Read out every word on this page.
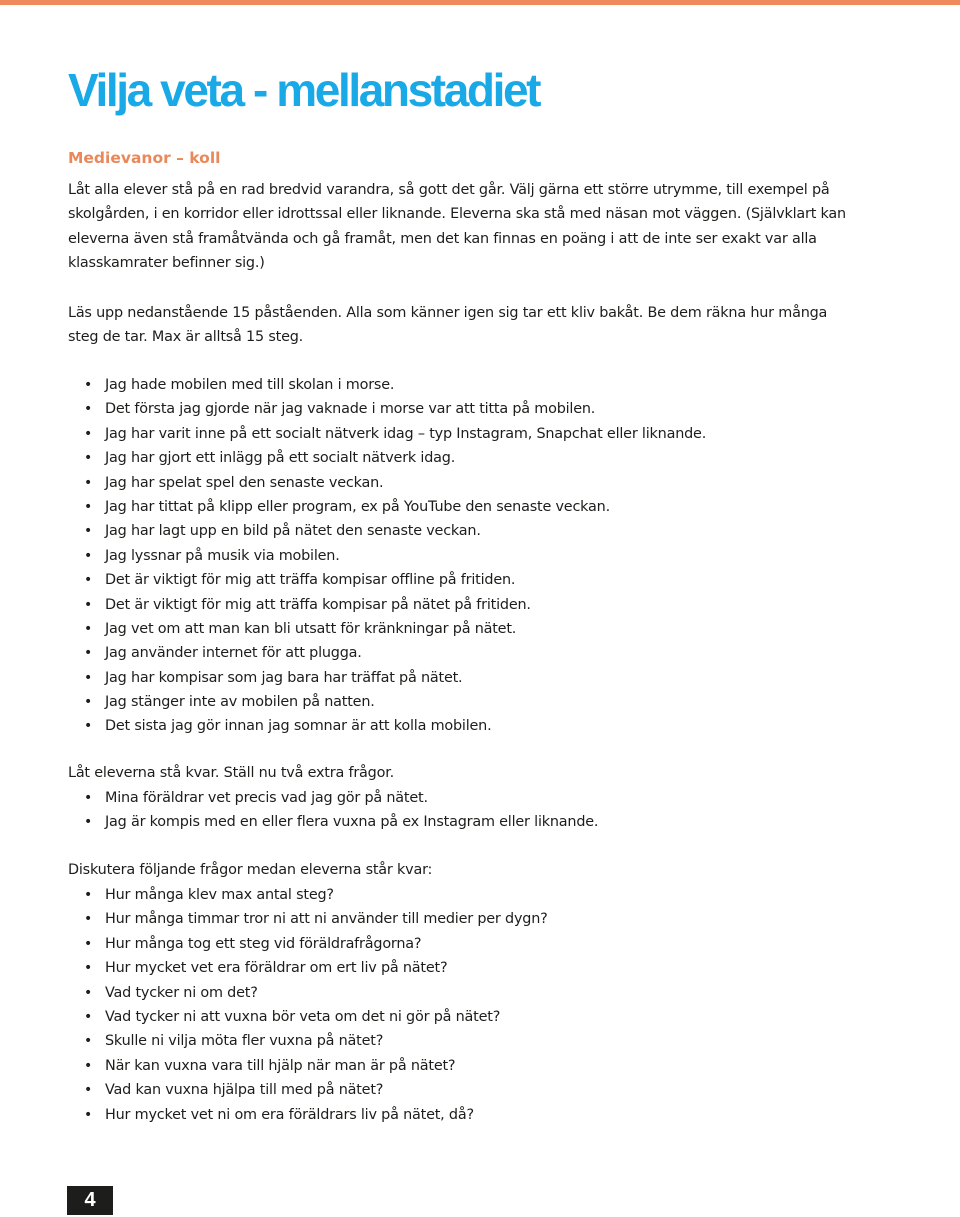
Vilja veta - mellanstadiet
Medievanor – koll

Låt alla elever stå på en rad bredvid varandra, så gott det går. Välj gärna ett större utrymme, till exempel på skolgården, i en korridor eller idrottssal eller liknande. Eleverna ska stå med näsan mot väggen. (Självklart kan eleverna även stå framåtvända och gå framåt, men det kan finnas en poäng i att de inte ser exakt var alla klasskamrater befinner sig.)

Läs upp nedanstående 15 påståenden. Alla som känner igen sig tar ett kliv bakåt. Be dem räkna hur många steg de tar. Max är alltså 15 steg.

• Jag hade mobilen med till skolan i morse.
• Det första jag gjorde när jag vaknade i morse var att titta på mobilen.
• Jag har varit inne på ett socialt nätverk idag – typ Instagram, Snapchat eller liknande.
• Jag har gjort ett inlägg på ett socialt nätverk idag.
• Jag har spelat spel den senaste veckan.
• Jag har tittat på klipp eller program, ex på YouTube den senaste veckan.
• Jag har lagt upp en bild på nätet den senaste veckan.
• Jag lyssnar på musik via mobilen.
• Det är viktigt för mig att träffa kompisar offline på fritiden.
• Det är viktigt för mig att träffa kompisar på nätet på fritiden.
• Jag vet om att man kan bli utsatt för kränkningar på nätet.
• Jag använder internet för att plugga.
• Jag har kompisar som jag bara har träffat på nätet.
• Jag stänger inte av mobilen på natten.
• Det sista jag gör innan jag somnar är att kolla mobilen.

Låt eleverna stå kvar. Ställ nu två extra frågor.

• Mina föräldrar vet precis vad jag gör på nätet.
• Jag är kompis med en eller flera vuxna på ex Instagram eller liknande.

Diskutera följande frågor medan eleverna står kvar:

• Hur många klev max antal steg?
• Hur många timmar tror ni att ni använder till medier per dygn?
• Hur många tog ett steg vid föräldrafrågorna?
• Hur mycket vet era föräldrar om ert liv på nätet?
• Vad tycker ni om det?
• Vad tycker ni att vuxna bör veta om det ni gör på nätet?
• Skulle ni vilja möta fler vuxna på nätet?
• När kan vuxna vara till hjälp när man är på nätet?
• Vad kan vuxna hjälpa till med på nätet?
• Hur mycket vet ni om era föräldrars liv på nätet, då?
4
